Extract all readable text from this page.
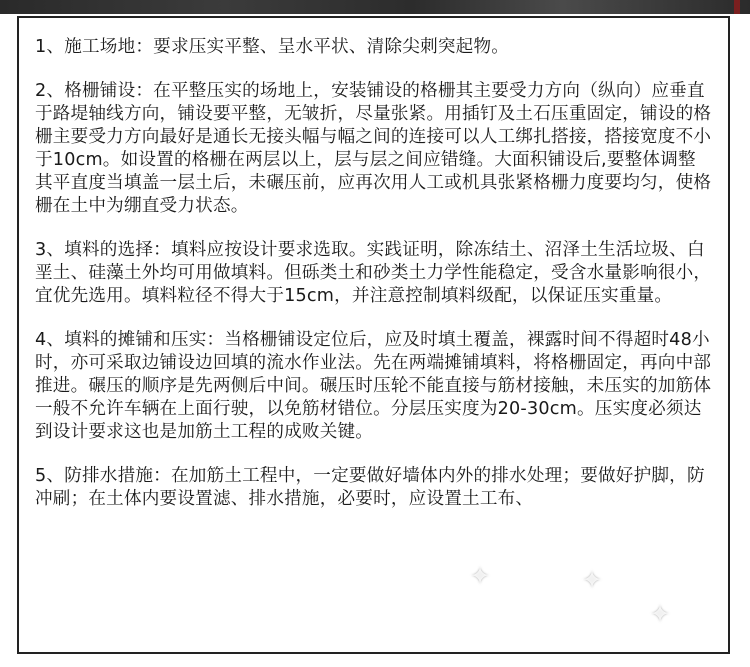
1、施工场地：要求压实平整、呈水平状、清除尖刺突起物。

2、格栅铺设：在平整压实的场地上，安装铺设的格栅其主要受力方向（纵向）应垂直于路堤轴线方向，铺设要平整，无皱折，尽量张紧。用插钉及土石压重固定，铺设的格栅主要受力方向最好是通长无接头幅与幅之间的连接可以人工绑扎搭接，搭接宽度不小于10cm。如设置的格栅在两层以上，层与层之间应错缝。大面积铺设后,要整体调整其平直度当填盖一层土后，未碾压前，应再次用人工或机具张紧格栅力度要均匀，使格栅在土中为绷直受力状态。

3、填料的选择：填料应按设计要求选取。实践证明，除冻结土、沼泽土生活垃圾、白垩土、硅藻土外均可用做填料。但砾类土和砂类土力学性能稳定，受含水量影响很小，宜优先选用。填料粒径不得大于15cm，并注意控制填料级配，以保证压实重量。

4、填料的摊铺和压实：当格栅铺设定位后，应及时填土覆盖，裸露时间不得超时48小时，亦可采取边铺设边回填的流水作业法。先在两端摊铺填料，将格栅固定，再向中部推进。碾压的顺序是先两侧后中间。碾压时压轮不能直接与筋材接触，未压实的加筋体一般不允许车辆在上面行驶，以免筋材错位。分层压实度为20-30cm。压实度必须达到设计要求这也是加筋土工程的成败关键。

5、防排水措施：在加筋土工程中，一定要做好墙体内外的排水处理；要做好护脚，防冲刷；在土体内要设置滤、排水措施，必要时，应设置土工布、

✦	✦
✦
